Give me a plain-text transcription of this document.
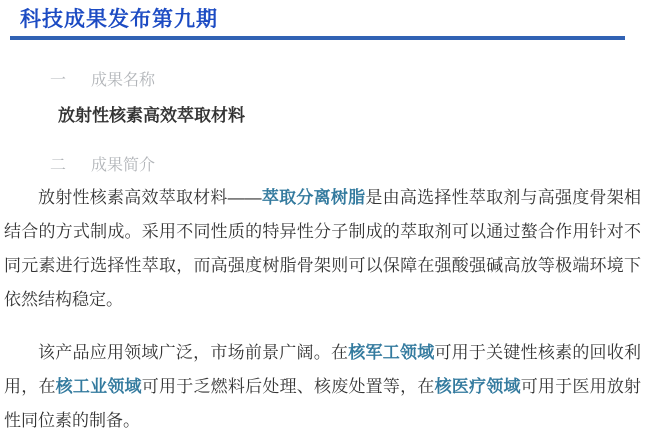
科技成果发布第九期
一 成果名称
放射性核素高效萃取材料
二 成果简介

放射性核素高效萃取材料——萃取分离树脂是由高选择性萃取剂与高强度骨架相结合的方式制成。采用不同性质的特异性分子制成的萃取剂可以通过螯合作用针对不同元素进行选择性萃取，而高强度树脂骨架则可以保障在强酸强碱高放等极端环境下依然结构稳定。

该产品应用领域广泛，市场前景广阔。在核军工领域可用于关键性核素的回收利用，在核工业领域可用于乏燃料后处理、核废处置等，在核医疗领域可用于医用放射性同位素的制备。
